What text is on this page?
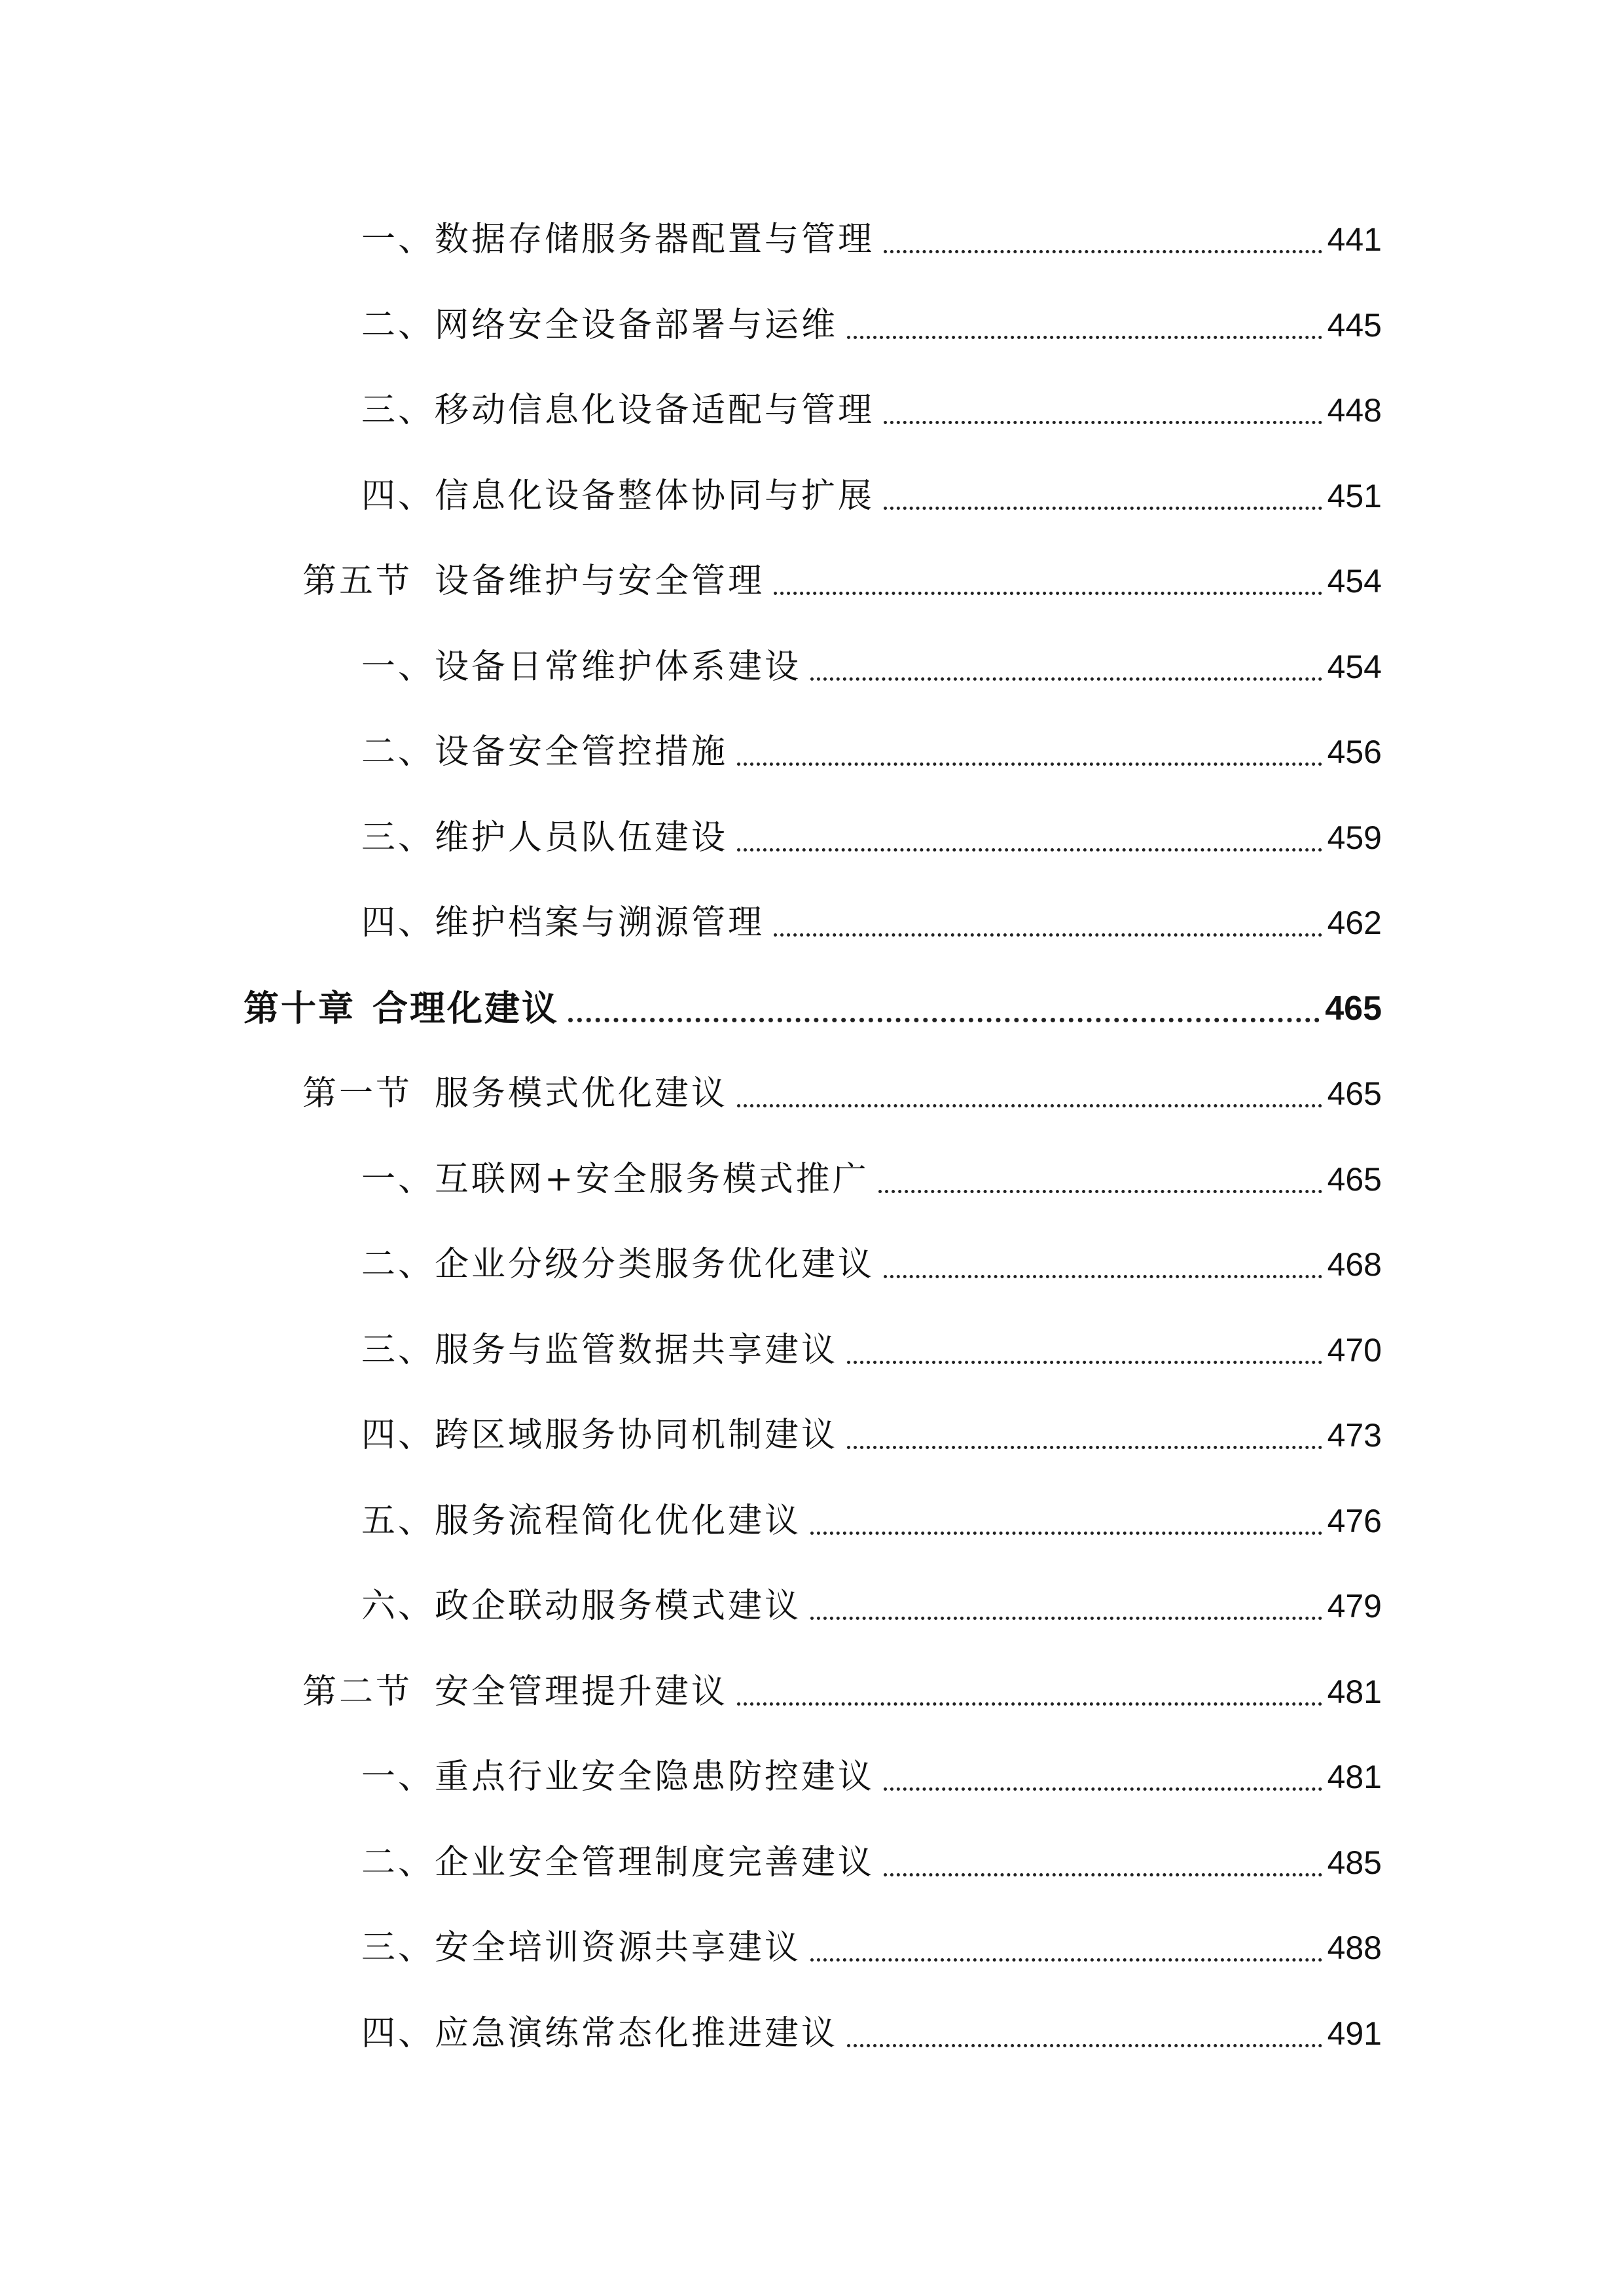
一、数据存储服务器配置与管理	441
二、网络安全设备部署与运维	445
三、移动信息化设备适配与管理	448
四、信息化设备整体协同与扩展	451
第五节 设备维护与安全管理	454
一、设备日常维护体系建设	454
二、设备安全管控措施	456
三、维护人员队伍建设	459
四、维护档案与溯源管理	462
第十章 合理化建议	465
第一节 服务模式优化建议	465
一、互联网+安全服务模式推广	465
二、企业分级分类服务优化建议	468
三、服务与监管数据共享建议	470
四、跨区域服务协同机制建议	473
五、服务流程简化优化建议	476
六、政企联动服务模式建议	479
第二节 安全管理提升建议	481
一、重点行业安全隐患防控建议	481
二、企业安全管理制度完善建议	485
三、安全培训资源共享建议	488
四、应急演练常态化推进建议	491
